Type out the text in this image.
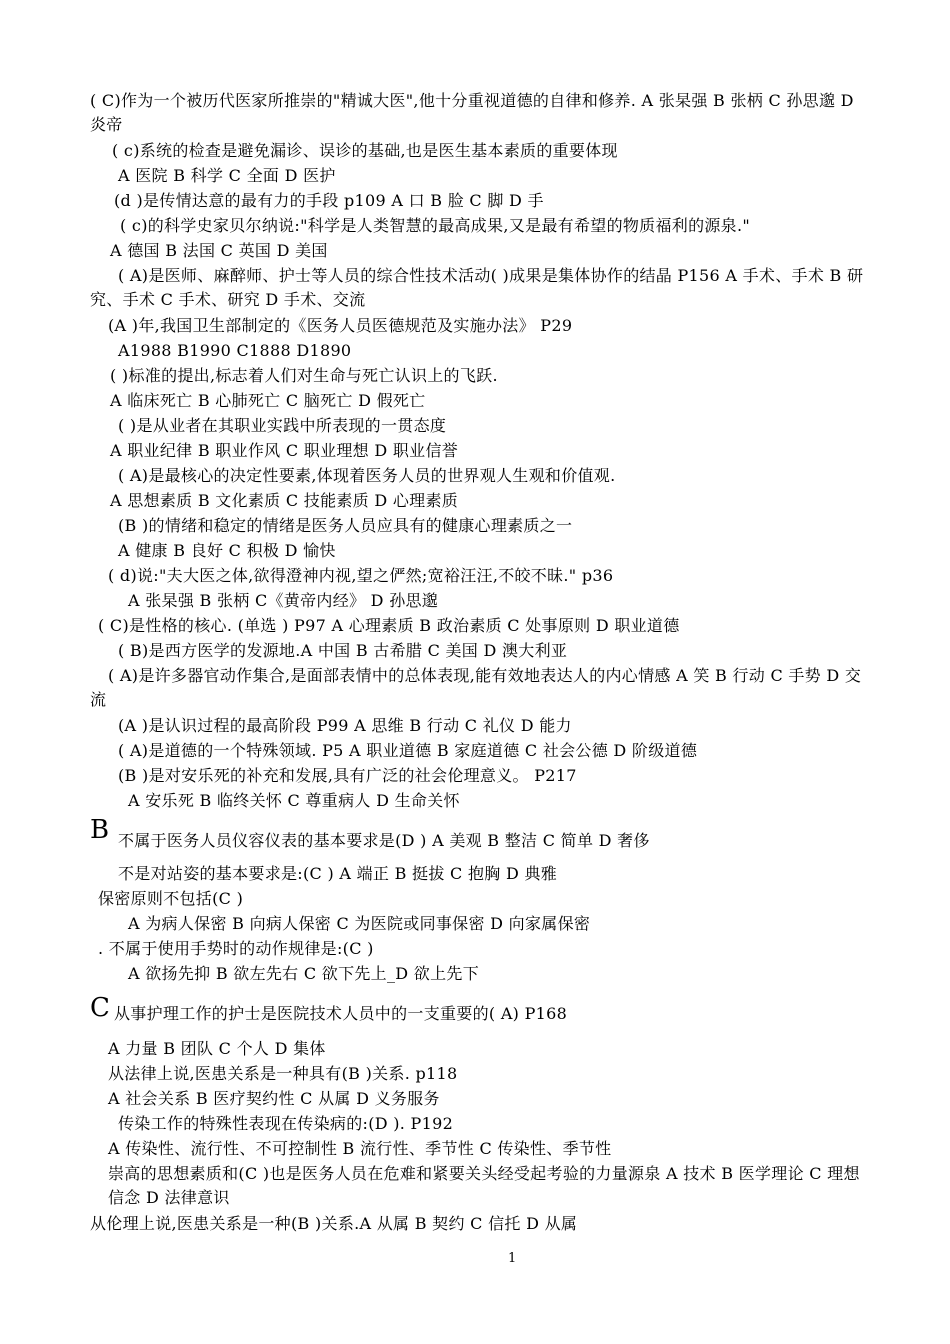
( C)作为一个被历代医家所推崇的"精诚大医",他十分重视道德的自律和修养. A 张杲强 B 张柄 C 孙思邈 D 炎帝

( c)系统的检查是避免漏诊、误诊的基础,也是医生基本素质的重要体现

A 医院 B 科学 C 全面 D 医护

(d )是传情达意的最有力的手段 p109 A 口 B 脸 C 脚 D 手

( c)的科学史家贝尔纳说:"科学是人类智慧的最高成果,又是最有希望的物质福利的源泉."

A 德国 B 法国 C 英国 D 美国

( A)是医师、麻醉师、护士等人员的综合性技术活动( )成果是集体协作的结晶 P156 A 手术、手术 B 研究、手术 C 手术、研究 D 手术、交流

(A )年,我国卫生部制定的《医务人员医德规范及实施办法》 P29

A1988 B1990 C1888 D1890

( )标准的提出,标志着人们对生命与死亡认识上的飞跃.

A 临床死亡 B 心肺死亡 C 脑死亡 D 假死亡

( )是从业者在其职业实践中所表现的一贯态度

A 职业纪律 B 职业作风 C 职业理想 D 职业信誉

( A)是最核心的决定性要素,体现着医务人员的世界观人生观和价值观.

A 思想素质 B 文化素质 C 技能素质 D 心理素质

(B )的情绪和稳定的情绪是医务人员应具有的健康心理素质之一

A 健康 B 良好 C 积极 D 愉快

( d)说:"夫大医之体,欲得澄神内视,望之俨然;宽裕汪汪,不皎不昧." p36

A 张杲强 B 张柄 C《黄帝内经》 D 孙思邈

( C)是性格的核心. (单选 ) P97 A 心理素质 B 政治素质 C 处事原则 D 职业道德

( B)是西方医学的发源地.A 中国 B 古希腊 C 美国 D 澳大利亚

( A)是许多器官动作集合,是面部表情中的总体表现,能有效地表达人的内心情感 A 笑 B 行动 C 手势 D 交流

(A )是认识过程的最高阶段 P99 A 思维 B 行动 C 礼仪 D 能力

( A)是道德的一个特殊领域. P5 A 职业道德 B 家庭道德 C 社会公德 D 阶级道德

(B )是对安乐死的补充和发展,具有广泛的社会伦理意义。 P217

A 安乐死 B 临终关怀 C 尊重病人 D 生命关怀

B 不属于医务人员仪容仪表的基本要求是(D ) A 美观 B 整洁 C 简单 D 奢侈

不是对站姿的基本要求是:(C ) A 端正 B 挺拔 C 抱胸 D 典雅

保密原则不包括(C )

A 为病人保密 B 向病人保密 C 为医院或同事保密 D 向家属保密

. 不属于使用手势时的动作规律是:(C )

A 欲扬先抑 B 欲左先右 C 欲下先上_D 欲上先下

C 从事护理工作的护士是医院技术人员中的一支重要的( A) P168

A 力量 B 团队 C 个人 D 集体

从法律上说,医患关系是一种具有(B )关系. p118

A 社会关系 B 医疗契约性 C 从属 D 义务服务

传染工作的特殊性表现在传染病的:(D ). P192

A 传染性、流行性、不可控制性 B 流行性、季节性 C 传染性、季节性

崇高的思想素质和(C )也是医务人员在危难和紧要关头经受起考验的力量源泉 A 技术 B 医学理论 C 理想信念 D 法律意识

从伦理上说,医患关系是一种(B )关系.A 从属 B 契约 C 信托 D 从属

1
